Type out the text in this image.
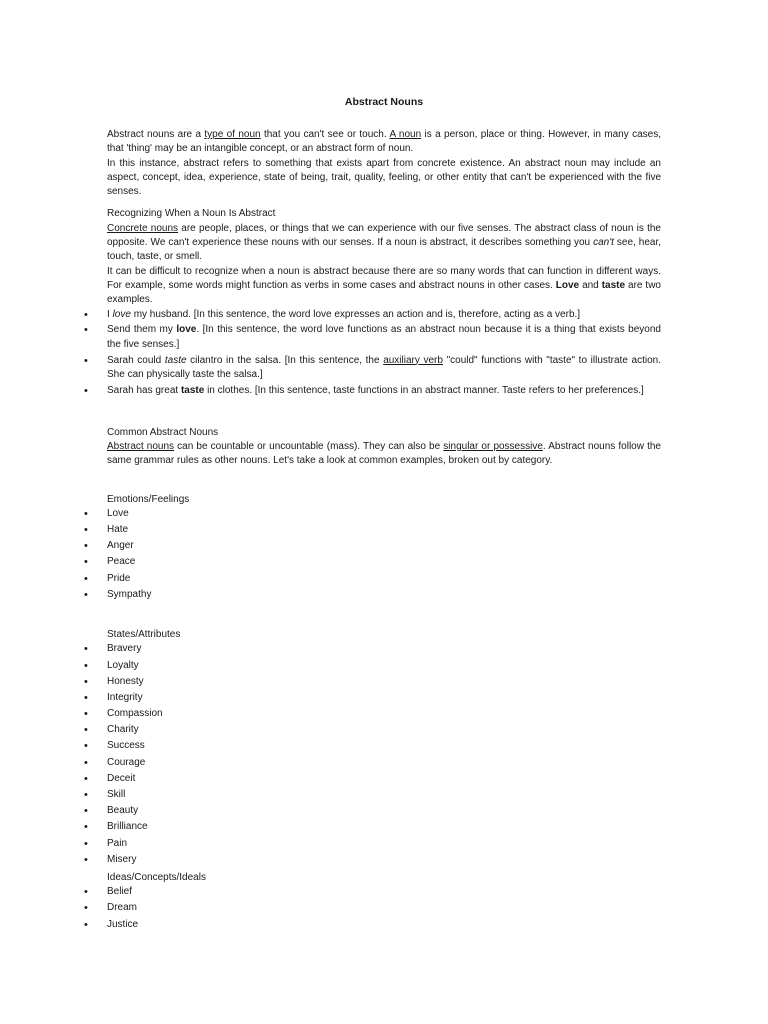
Abstract Nouns

Abstract nouns are a type of noun that you can't see or touch. A noun is a person, place or thing. However, in many cases, that 'thing' may be an intangible concept, or an abstract form of noun.

In this instance, abstract refers to something that exists apart from concrete existence. An abstract noun may include an aspect, concept, idea, experience, state of being, trait, quality, feeling, or other entity that can't be experienced with the five senses.

Recognizing When a Noun Is Abstract

Concrete nouns are people, places, or things that we can experience with our five senses. The abstract class of noun is the opposite. We can't experience these nouns with our senses. If a noun is abstract, it describes something you can't see, hear, touch, taste, or smell.

It can be difficult to recognize when a noun is abstract because there are so many words that can function in different ways. For example, some words might function as verbs in some cases and abstract nouns in other cases. Love and taste are two examples.

• I love my husband. [In this sentence, the word love expresses an action and is, therefore, acting as a verb.]
• Send them my love. [In this sentence, the word love functions as an abstract noun because it is a thing that exists beyond the five senses.]
• Sarah could taste cilantro in the salsa. [In this sentence, the auxiliary verb "could" functions with "taste" to illustrate action. She can physically taste the salsa.]
• Sarah has great taste in clothes. [In this sentence, taste functions in an abstract manner. Taste refers to her preferences.]
Common Abstract Nouns

Abstract nouns can be countable or uncountable (mass). They can also be singular or possessive. Abstract nouns follow the same grammar rules as other nouns. Let's take a look at common examples, broken out by category.

Emotions/Feelings
• Love
• Hate
• Anger
• Peace
• Pride
• Sympathy
States/Attributes
• Bravery
• Loyalty
• Honesty
• Integrity
• Compassion
• Charity
• Success
• Courage
• Deceit
• Skill
• Beauty
• Brilliance
• Pain
• Misery
Ideas/Concepts/Ideals
• Belief
• Dream
• Justice
